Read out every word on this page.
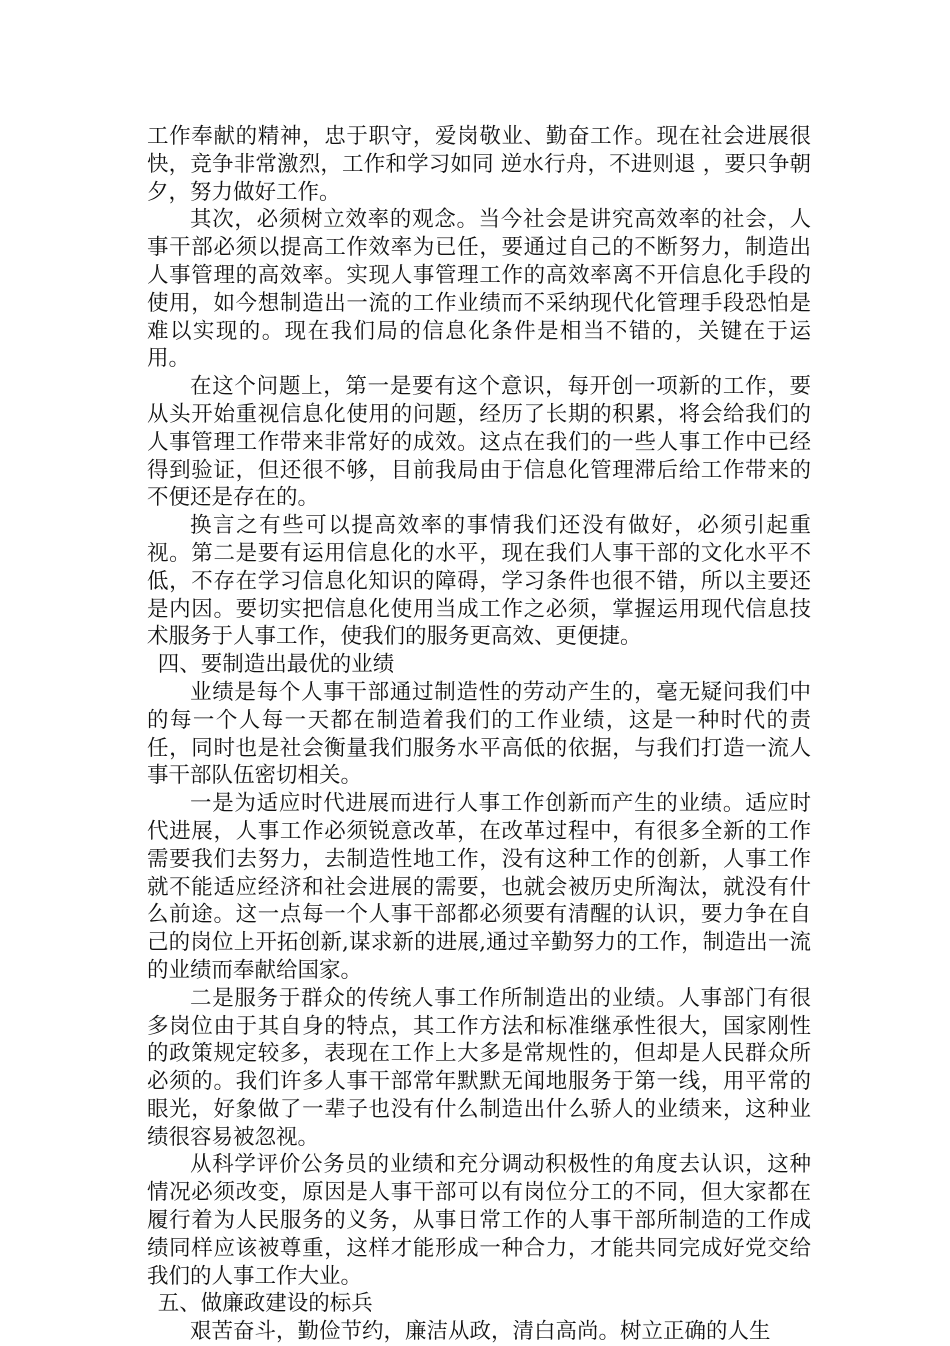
工作奉献的精神，忠于职守，爱岗敬业、勤奋工作。现在社会进展很快，竞争非常激烈，工作和学习如同 逆水行舟，不进则退 ，要只争朝夕，努力做好工作。

其次，必须树立效率的观念。当今社会是讲究高效率的社会，人事干部必须以提高工作效率为已任，要通过自己的不断努力，制造出人事管理的高效率。实现人事管理工作的高效率离不开信息化手段的使用，如今想制造出一流的工作业绩而不采纳现代化管理手段恐怕是难以实现的。现在我们局的信息化条件是相当不错的，关键在于运用。

在这个问题上，第一是要有这个意识，每开创一项新的工作，要从头开始重视信息化使用的问题，经历了长期的积累，将会给我们的人事管理工作带来非常好的成效。这点在我们的一些人事工作中已经得到验证，但还很不够，目前我局由于信息化管理滞后给工作带来的不便还是存在的。

换言之有些可以提高效率的事情我们还没有做好，必须引起重视。第二是要有运用信息化的水平，现在我们人事干部的文化水平不低，不存在学习信息化知识的障碍，学习条件也很不错，所以主要还是内因。要切实把信息化使用当成工作之必须，掌握运用现代信息技术服务于人事工作，使我们的服务更高效、更便捷。

四、要制造出最优的业绩

业绩是每个人事干部通过制造性的劳动产生的，毫无疑问我们中的每一个人每一天都在制造着我们的工作业绩，这是一种时代的责任，同时也是社会衡量我们服务水平高低的依据，与我们打造一流人事干部队伍密切相关。

一是为适应时代进展而进行人事工作创新而产生的业绩。适应时代进展，人事工作必须锐意改革，在改革过程中，有很多全新的工作需要我们去努力，去制造性地工作，没有这种工作的创新，人事工作就不能适应经济和社会进展的需要，也就会被历史所淘汰，就没有什么前途。这一点每一个人事干部都必须要有清醒的认识，要力争在自己的岗位上开拓创新,谋求新的进展,通过辛勤努力的工作，制造出一流的业绩而奉献给国家。

二是服务于群众的传统人事工作所制造出的业绩。人事部门有很多岗位由于其自身的特点，其工作方法和标准继承性很大，国家刚性的政策规定较多，表现在工作上大多是常规性的，但却是人民群众所必须的。我们许多人事干部常年默默无闻地服务于第一线，用平常的眼光，好象做了一辈子也没有什么制造出什么骄人的业绩来，这种业绩很容易被忽视。

从科学评价公务员的业绩和充分调动积极性的角度去认识，这种情况必须改变，原因是人事干部可以有岗位分工的不同，但大家都在履行着为人民服务的义务，从事日常工作的人事干部所制造的工作成绩同样应该被尊重，这样才能形成一种合力，才能共同完成好党交给我们的人事工作大业。

五、做廉政建设的标兵

艰苦奋斗，勤俭节约，廉洁从政，清白高尚。树立正确的人生
